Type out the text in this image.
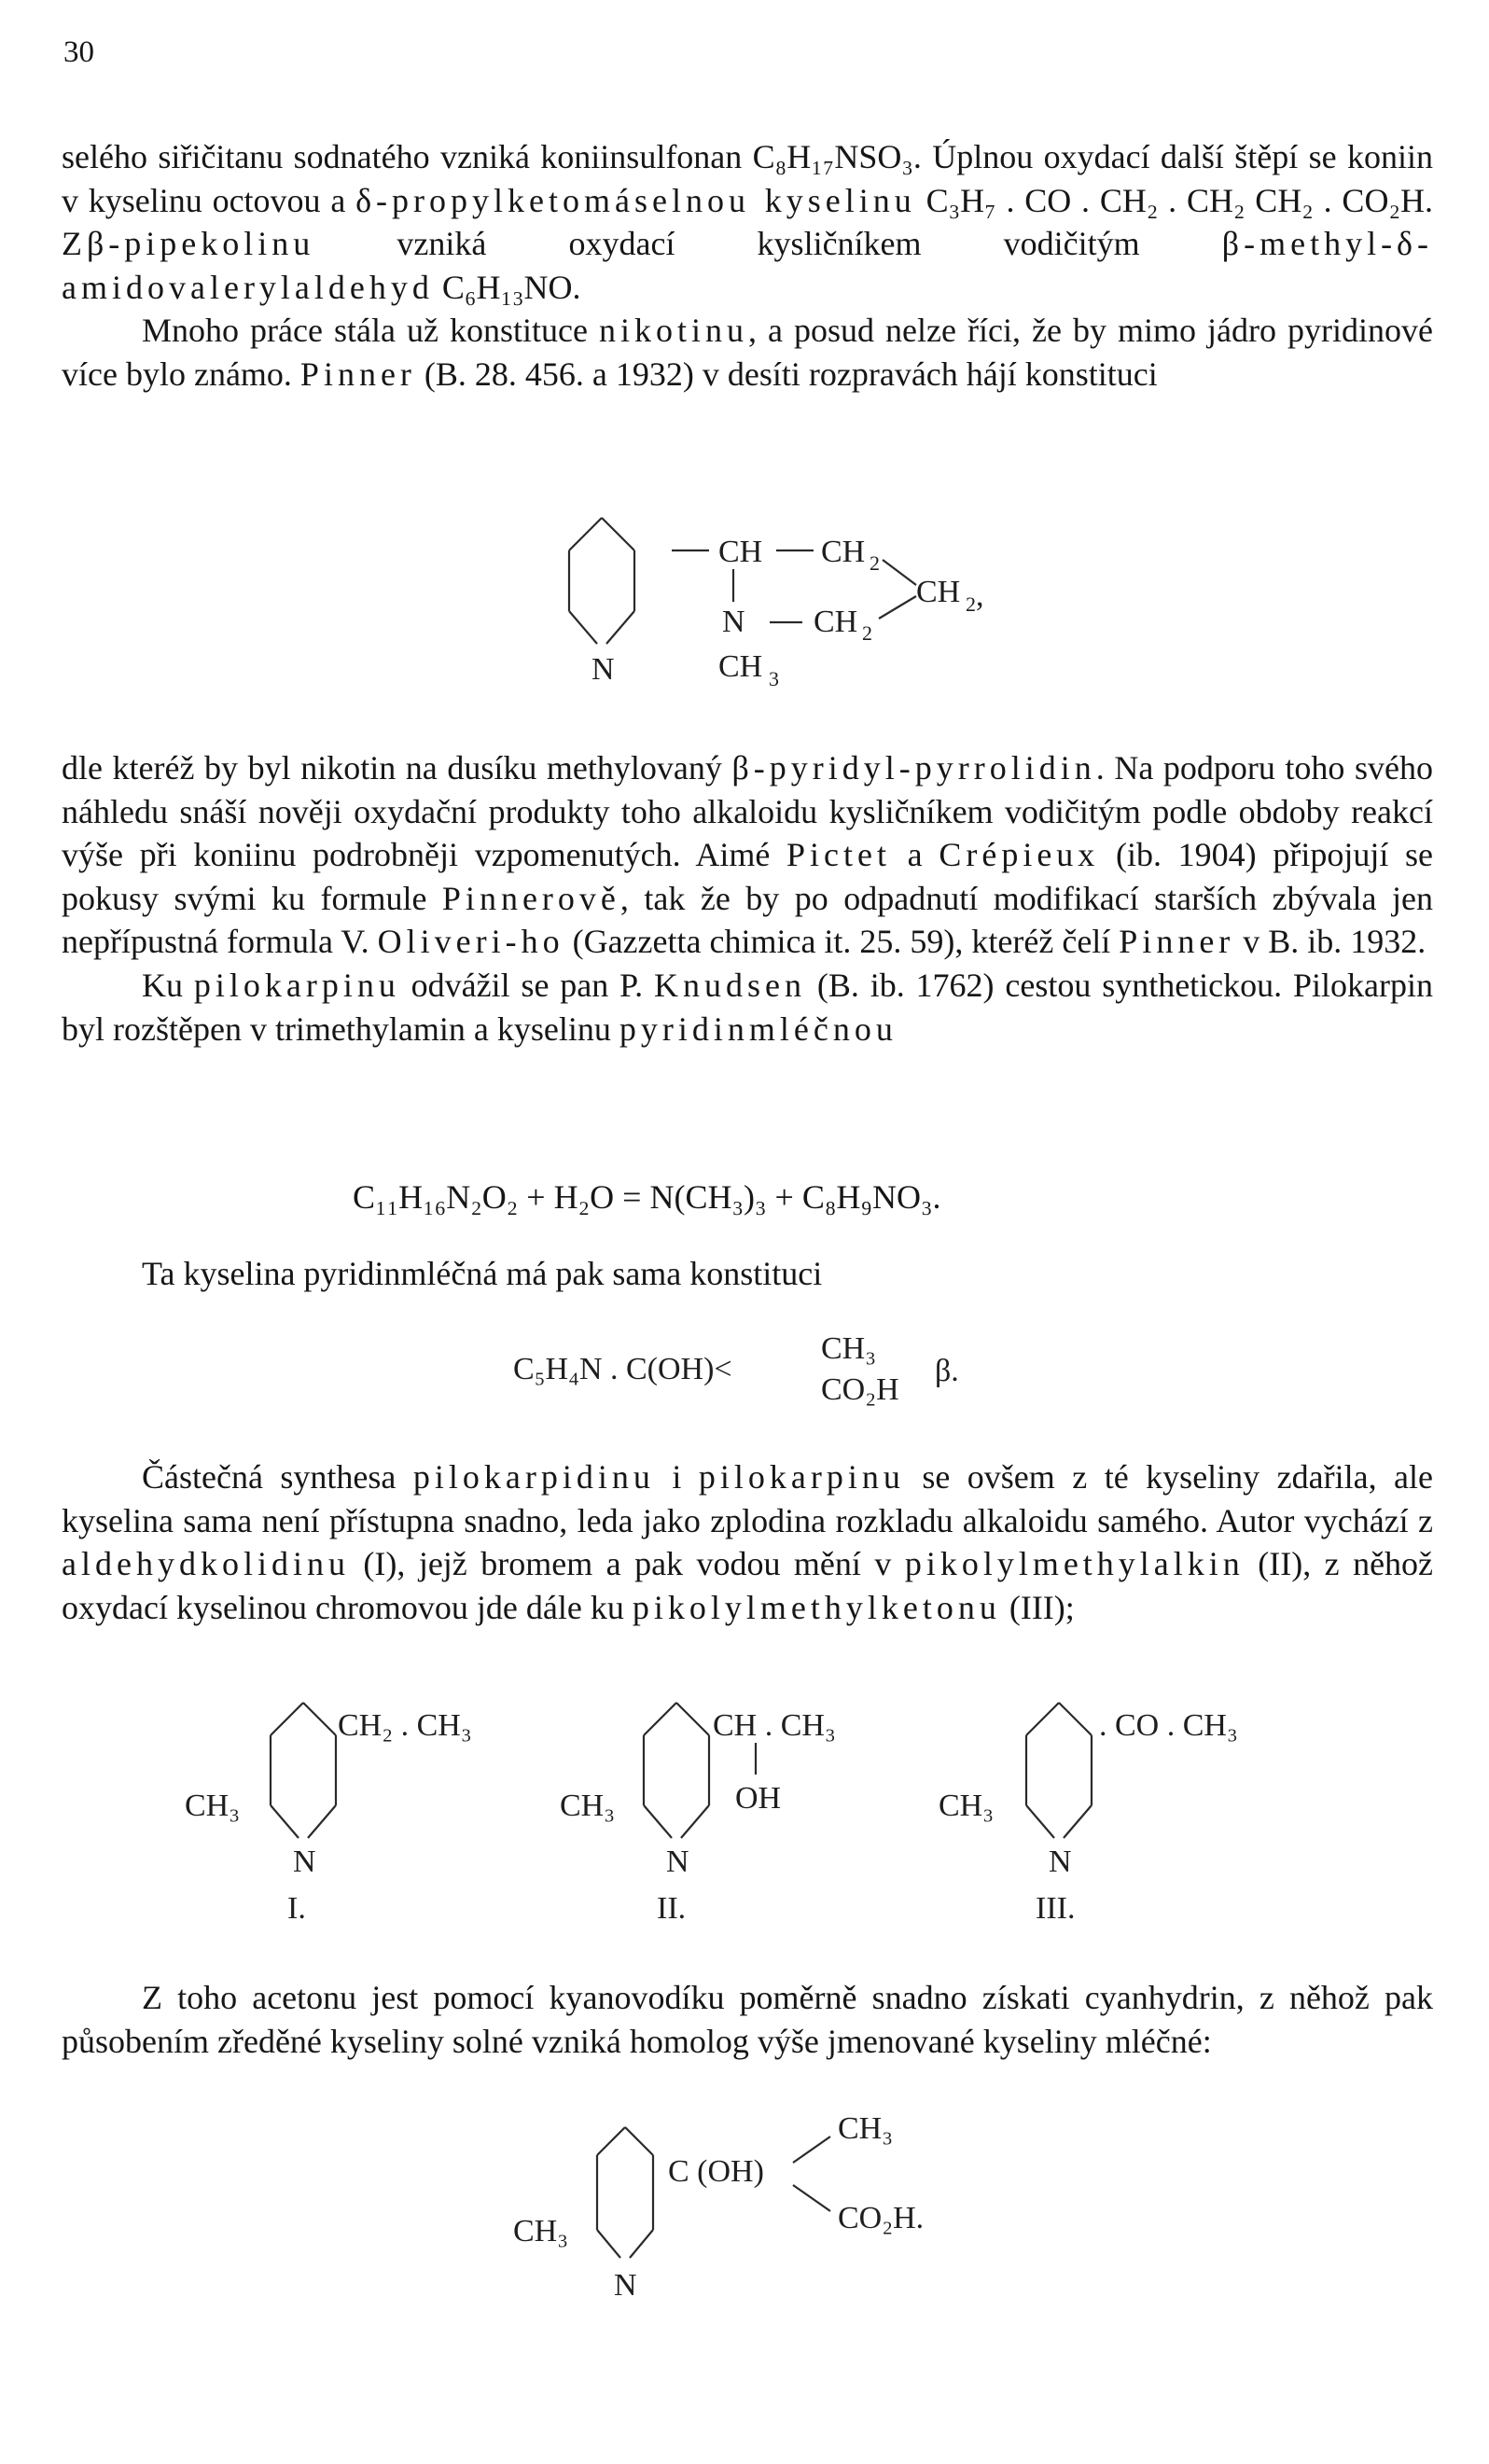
30

selého siřičitanu sodnatého vzniká koniinsulfonan C₈H₁₇NSO₃. Úplnou oxydací další štěpí se koniin v kyselinu octovou a δ-propylketomáselnou kyselinu C₃H₇ . CO . CH₂ . CH₂ CH₂ . CO₂H. Zβ-pipekolinu vzniká oxydací kysličníkem vodičitým β-methyl-δ-amidovalerylaldehyd C₆H₁₃NO.

Mnoho práce stála už konstituce nikotinu, a posud nelze říci, že by mimo jádro pyridinové více bylo známo. Pinner (B. 28. 456. a 1932) v desíti rozpravách hájí konstituci

N
CH CH 2
CH 2 ,
N CH 2
CH 3

dle kteréž by byl nikotin na dusíku methylovaný β-pyridyl-pyrrolidin. Na podporu toho svého náhledu snáší nověji oxydační produkty toho alkaloidu kysličníkem vodičitým podle obdoby reakcí výše při koniinu podrobněji vzpomenutých. Aimé Pictet a Crépieux (ib. 1904) připojují se pokusy svými ku formule Pinnerově, tak že by po odpadnutí modifikací starších zbývala jen nepřípustná formula V. Oliveri-ho (Gazzetta chimica it. 25. 59), kteréž čelí Pinner v B. ib. 1932.

Ku pilokarpinu odvážil se pan P. Knudsen (B. ib. 1762) cestou synthetickou. Pilokarpin byl rozštěpen v trimethylamin a kyselinu pyridinmléčnou

C₁₁H₁₆N₂O₂ + H₂O = N(CH₃)₃ + C₈H₉NO₃.

Ta kyselina pyridinmléčná má pak sama konstituci

C₅H₄N . C(OH)<
CH₃
CO₂H
β.

Částečná synthesa pilokarpidinu i pilokarpinu se ovšem z té kyseliny zdařila, ale kyselina sama není přístupna snadno, leda jako zplodina rozkladu alkaloidu samého. Autor vychází z aldehydkolidinu (I), jejž bromem a pak vodou mění v pikolylmethylalkin (II), z něhož oxydací kyselinou chromovou jde dále ku pikolylmethylketonu (III);

CH₂ . CH₃
CH₃
N
I.
CH . CH₃
OH
CH₃
N
II.
. CO . CH₃
CH₃
N
III.

Z toho acetonu jest pomocí kyanovodíku poměrně snadno získati cyanhydrin, z něhož pak působením zředěné kyseliny solné vzniká homolog výše jmenované kyseliny mléčné:

C (OH)
CH₃
CO₂H.
CH₃
N
